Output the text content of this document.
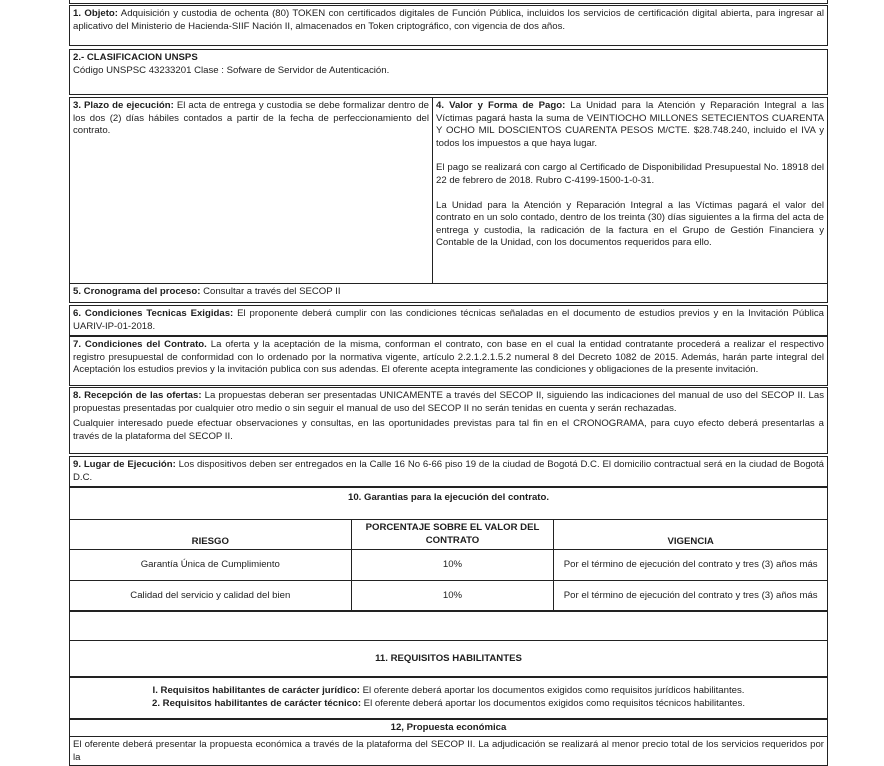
1. Objeto: Adquisición y custodia de ochenta (80) TOKEN con certificados digitales de Función Pública, incluidos los servicios de certificación digital abierta, para ingresar al aplicativo del Ministerio de Hacienda-SIIF Nación II, almacenados en Token criptográfico, con vigencia de dos años.

2.- CLASIFICACION UNSPS

Código UNSPSC 43233201 Clase : Sofware de Servidor de Autenticación.

3. Plazo de ejecución: El acta de entrega y custodia se debe formalizar dentro de los dos (2) días hábiles contados a partir de la fecha de perfeccionamiento del contrato.

4. Valor y Forma de Pago: La Unidad para la Atención y Reparación Integral a las Víctimas pagará hasta la suma de VEINTIOCHO MILLONES SETECIENTOS CUARENTA Y OCHO MIL DOSCIENTOS CUARENTA PESOS M/CTE. $28.748.240, incluido el IVA y todos los impuestos a que haya lugar.

El pago se realizará con cargo al Certificado de Disponibilidad Presupuestal No. 18918 del 22 de febrero de 2018. Rubro C-4199-1500-1-0-31.

La Unidad para la Atención y Reparación Integral a las Víctimas pagará el valor del contrato en un solo contado, dentro de los treinta (30) días siguientes a la firma del acta de entrega y custodia, la radicación de la factura en el Grupo de Gestión Financiera y Contable de la Unidad, con los documentos requeridos para ello.

5. Cronograma del proceso: Consultar a través del SECOP II

6. Condiciones Tecnicas Exigidas: El proponente deberá cumplir con las condiciones técnicas señaladas en el documento de estudios previos y en la Invitación Pública UARIV-IP-01-2018.

7. Condiciones del Contrato. La oferta y la aceptación de la misma, conforman el contrato, con base en el cual la entidad contratante procederá a realizar el respectivo registro presupuestal de conformidad con lo ordenado por la normativa vigente, artículo 2.2.1.2.1.5.2 numeral 8 del Decreto 1082 de 2015. Además, harán parte integral del Aceptación los estudios previos y la invitación publica con sus adendas. El oferente acepta integramente las condiciones y obligaciones de la presente invitación.

8. Recepción de las ofertas: La propuestas deberan ser presentadas UNICAMENTE a través del SECOP II, siguiendo las indicaciones del manual de uso del SECOP II. Las propuestas presentadas por cualquier otro medio o sin seguir el manual de uso del SECOP II no serán tenidas en cuenta y serán rechazadas.

Cualquier interesado puede efectuar observaciones y consultas, en las oportunidades previstas para tal fin en el CRONOGRAMA, para cuyo efecto deberá presentarlas a través de la plataforma del SECOP II.

9. Lugar de Ejecución: Los dispositivos deben ser entregados en la Calle 16 No 6-66 piso 19 de la ciudad de Bogotá D.C. El domicilio contractual será en la ciudad de Bogotá D.C.

10. Garantias para la ejecución del contrato.

RIESGO	PORCENTAJE SOBRE EL VALOR DEL CONTRATO	VIGENCIA
Garantía Única de Cumplimiento	10%	Por el término de ejecución del contrato y tres (3) años más
Calidad del servicio y calidad del bien	10%	Por el término de ejecución del contrato y tres (3) años más

11. REQUISITOS HABILITANTES

I. Requisitos habilitantes de carácter jurídico: El oferente deberá aportar los documentos exigidos como requisitos jurídicos habilitantes.

2. Requisitos habilitantes de carácter técnico: El oferente deberá aportar los documentos exigidos como requisitos técnicos habilitantes.

12, Propuesta económica

El oferente deberá presentar la propuesta económica a través de la plataforma del SECOP II. La adjudicación se realizará al menor precio total de los servicios requeridos por la
